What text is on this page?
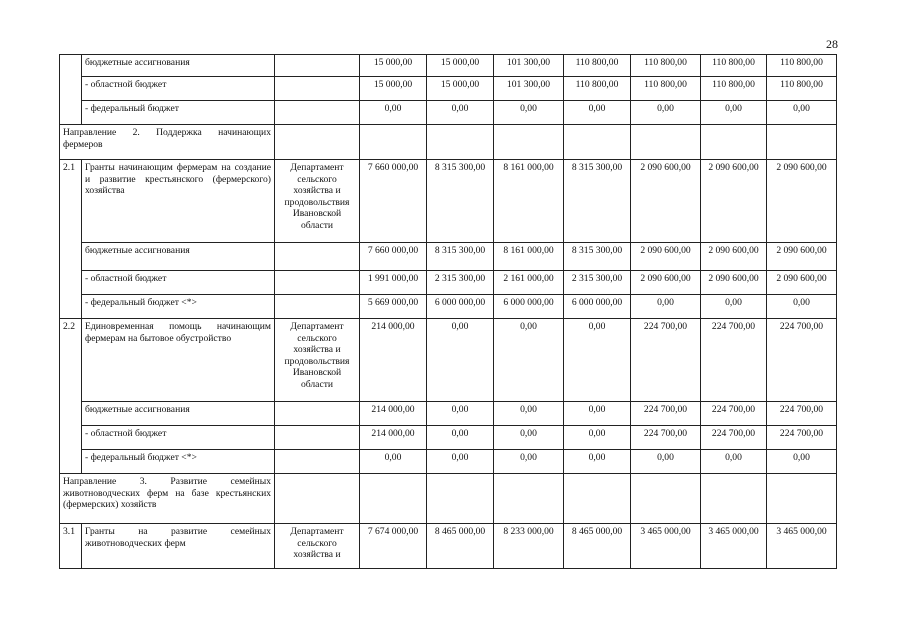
28
	бюджетные ассигнования		15 000,00	15 000,00	101 300,00	110 800,00	110 800,00	110 800,00	110 800,00
	- областной бюджет		15 000,00	15 000,00	101 300,00	110 800,00	110 800,00	110 800,00	110 800,00
	- федеральный бюджет		0,00	0,00	0,00	0,00	0,00	0,00	0,00
Направление 2. Поддержка начинающих фермеров									
2.1	Гранты начинающим фермерам на создание и развитие крестьянского (фермерского) хозяйства	Департамент сельского хозяйства и продовольствия Ивановской области	7 660 000,00	8 315 300,00	8 161 000,00	8 315 300,00	2 090 600,00	2 090 600,00	2 090 600,00
	бюджетные ассигнования		7 660 000,00	8 315 300,00	8 161 000,00	8 315 300,00	2 090 600,00	2 090 600,00	2 090 600,00
	- областной бюджет		1 991 000,00	2 315 300,00	2 161 000,00	2 315 300,00	2 090 600,00	2 090 600,00	2 090 600,00
	- федеральный бюджет <*>		5 669 000,00	6 000 000,00	6 000 000,00	6 000 000,00	0,00	0,00	0,00
2.2	Единовременная помощь начинающим фермерам на бытовое обустройство	Департамент сельского хозяйства и продовольствия Ивановской области	214 000,00	0,00	0,00	0,00	224 700,00	224 700,00	224 700,00
	бюджетные ассигнования		214 000,00	0,00	0,00	0,00	224 700,00	224 700,00	224 700,00
	- областной бюджет		214 000,00	0,00	0,00	0,00	224 700,00	224 700,00	224 700,00
	- федеральный бюджет <*>		0,00	0,00	0,00	0,00	0,00	0,00	0,00
Направление 3. Развитие семейных животноводческих ферм на базе крестьянских (фермерских) хозяйств									
3.1	Гранты на развитие семейных животноводческих ферм	Департамент сельского хозяйства и	7 674 000,00	8 465 000,00	8 233 000,00	8 465 000,00	3 465 000,00	3 465 000,00	3 465 000,00
